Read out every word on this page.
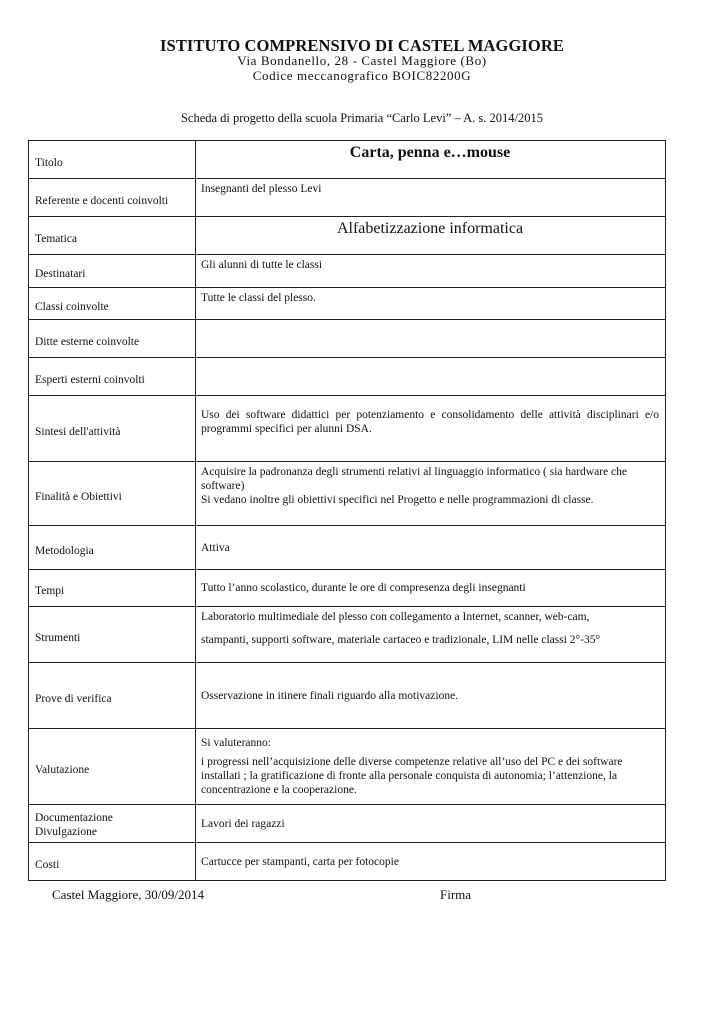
ISTITUTO COMPRENSIVO DI CASTEL MAGGIORE
Via Bondanello, 28 - Castel Maggiore (Bo)
Codice meccanografico BOIC82200G
Scheda di progetto della scuola Primaria “Carlo Levi” – A. s. 2014/2015
Titolo	Carta, penna e…mouse

Referente e docenti coinvolti	Insegnanti del plesso Levi
Tematica	Alfabetizzazione informatica

Destinatari	Gli alunni di tutte le classi
Classi coinvolte	Tutte le classi del plesso.
Ditte esterne coinvolte	
Esperti esterni coinvolti	
Sintesi dell'attività	Uso dei software didattici per potenziamento e consolidamento delle attività disciplinari e/o programmi specifici per alunni DSA.

Finalità e Obiettivi	Acquisire la padronanza degli strumenti relativi al linguaggio informatico ( sia hardware che software)
Si vedano inoltre gli obiettivi specifici nel Progetto e nelle programmazioni di classe.

Metodologia	Attiva
Tempi	Tutto l’anno scolastico, durante le ore di compresenza degli insegnanti
Strumenti	Laboratorio multimediale del plesso con collegamento a Internet, scanner, web-cam,
stampanti, supporti software, materiale cartaceo e tradizionale, LIM nelle classi 2°-35°

Prove di verifica	Osservazione in itinere finali riguardo alla motivazione.
Valutazione	Si valuteranno:
i progressi nell’acquisizione delle diverse competenze relative all’uso del PC e dei software installati ; la gratificazione di fronte alla personale conquista di autonomia; l’attenzione, la concentrazione e la cooperazione.

Documentazione
Divulgazione	Lavori dei ragazzi
Costi	Cartucce per stampanti, carta per fotocopie
Castel Maggiore, 30/09/2014	Firma
